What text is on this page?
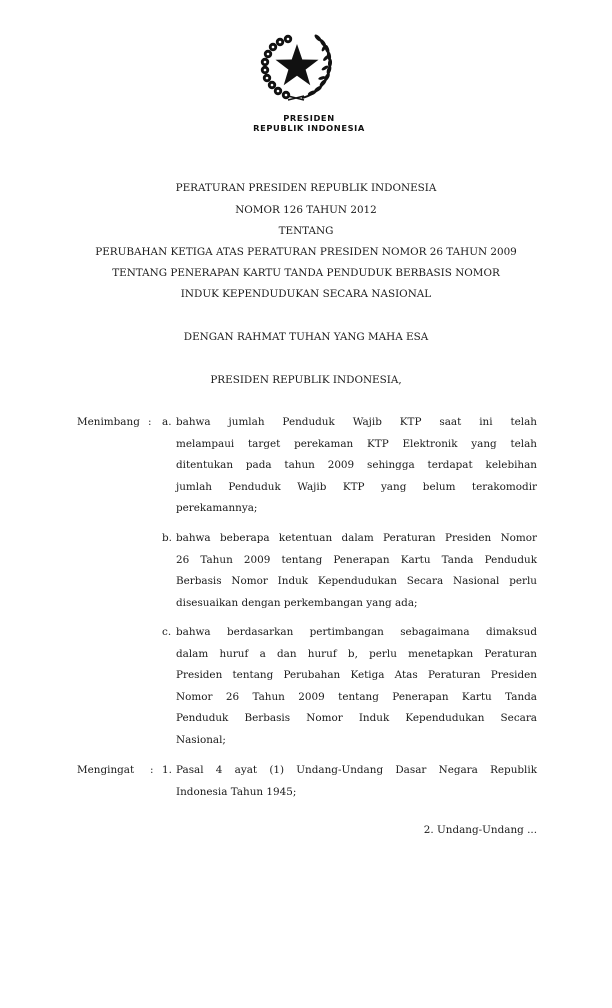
PRESIDEN
REPUBLIK INDONESIA
PERATURAN PRESIDEN REPUBLIK INDONESIA
NOMOR 126 TAHUN 2012
TENTANG
PERUBAHAN KETIGA ATAS PERATURAN PRESIDEN NOMOR 26 TAHUN 2009
TENTANG PENERAPAN KARTU TANDA PENDUDUK BERBASIS NOMOR
INDUK KEPENDUDUKAN SECARA NASIONAL
DENGAN RAHMAT TUHAN YANG MAHA ESA
PRESIDEN REPUBLIK INDONESIA,
Menimbang : a. bahwa jumlah Penduduk Wajib KTP saat ini telah
melampaui target perekaman KTP Elektronik yang telah
ditentukan pada tahun 2009 sehingga terdapat kelebihan
jumlah Penduduk Wajib KTP yang belum terakomodir
perekamannya;
b. bahwa beberapa ketentuan dalam Peraturan Presiden Nomor
26 Tahun 2009 tentang Penerapan Kartu Tanda Penduduk
Berbasis Nomor Induk Kependudukan Secara Nasional perlu
disesuaikan dengan perkembangan yang ada;
c. bahwa berdasarkan pertimbangan sebagaimana dimaksud
dalam huruf a dan huruf b, perlu menetapkan Peraturan
Presiden tentang Perubahan Ketiga Atas Peraturan Presiden
Nomor 26 Tahun 2009 tentang Penerapan Kartu Tanda
Penduduk Berbasis Nomor Induk Kependudukan Secara
Nasional;
Mengingat : 1. Pasal 4 ayat (1) Undang-Undang Dasar Negara Republik
Indonesia Tahun 1945;
2. Undang-Undang ...
